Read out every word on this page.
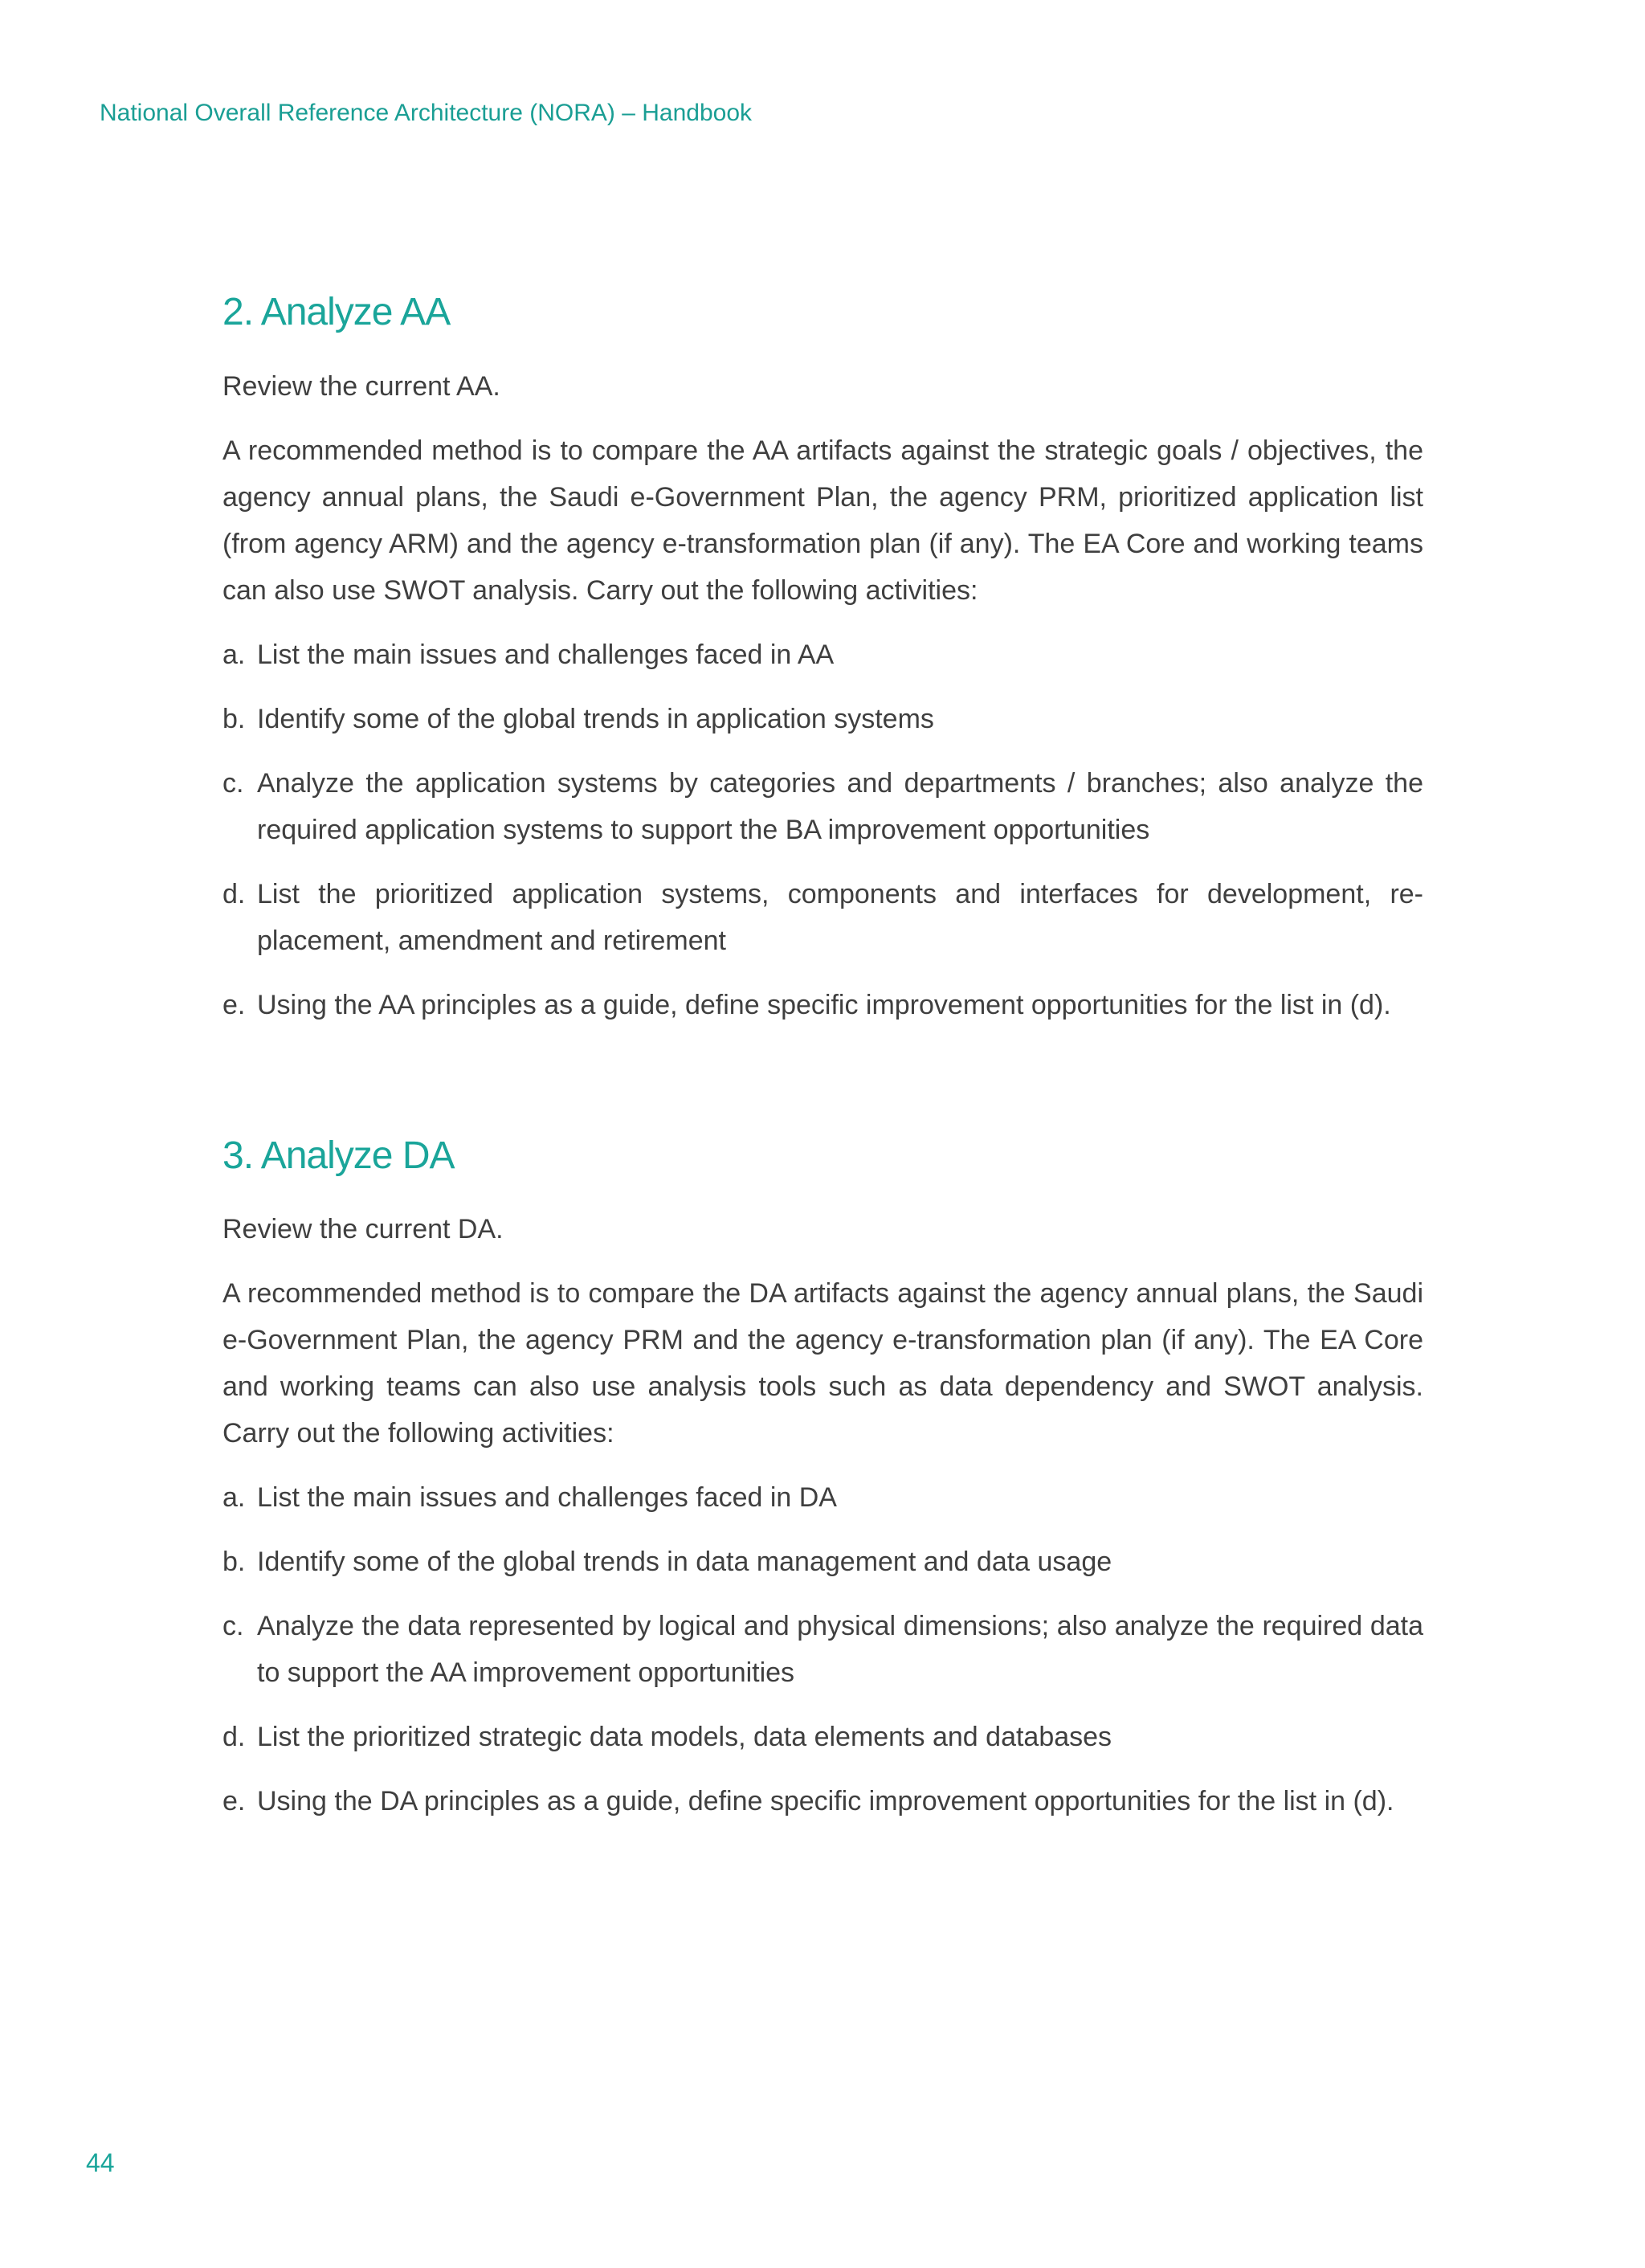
National Overall Reference Architecture (NORA) – Handbook
2. Analyze AA

Review the current AA.

A recommended method is to compare the AA artifacts against the strategic goals / objectives, the agency annual plans, the Saudi e-Government Plan, the agency PRM, prioritized application list (from agency ARM) and the agency e-transformation plan (if any). The EA Core and working teams can also use SWOT analysis. Carry out the following activities:

a. List the main issues and challenges faced in AA
b. Identify some of the global trends in application systems
c. Analyze the application systems by categories and departments / branches; also analyze the required application systems to support the BA improvement opportunities
d. List the prioritized application systems, components and interfaces for development, re-placement, amendment and retirement
e. Using the AA principles as a guide, define specific improvement opportunities for the list in (d).
3. Analyze DA

Review the current DA.

A recommended method is to compare the DA artifacts against the agency annual plans, the Saudi e-Government Plan, the agency PRM and the agency e-transformation plan (if any). The EA Core and working teams can also use analysis tools such as data dependency and SWOT analysis. Carry out the following activities:

a. List the main issues and challenges faced in DA
b. Identify some of the global trends in data management and data usage
c. Analyze the data represented by logical and physical dimensions; also analyze the required data to support the AA improvement opportunities
d. List the prioritized strategic data models, data elements and databases
e. Using the DA principles as a guide, define specific improvement opportunities for the list in (d).
44
